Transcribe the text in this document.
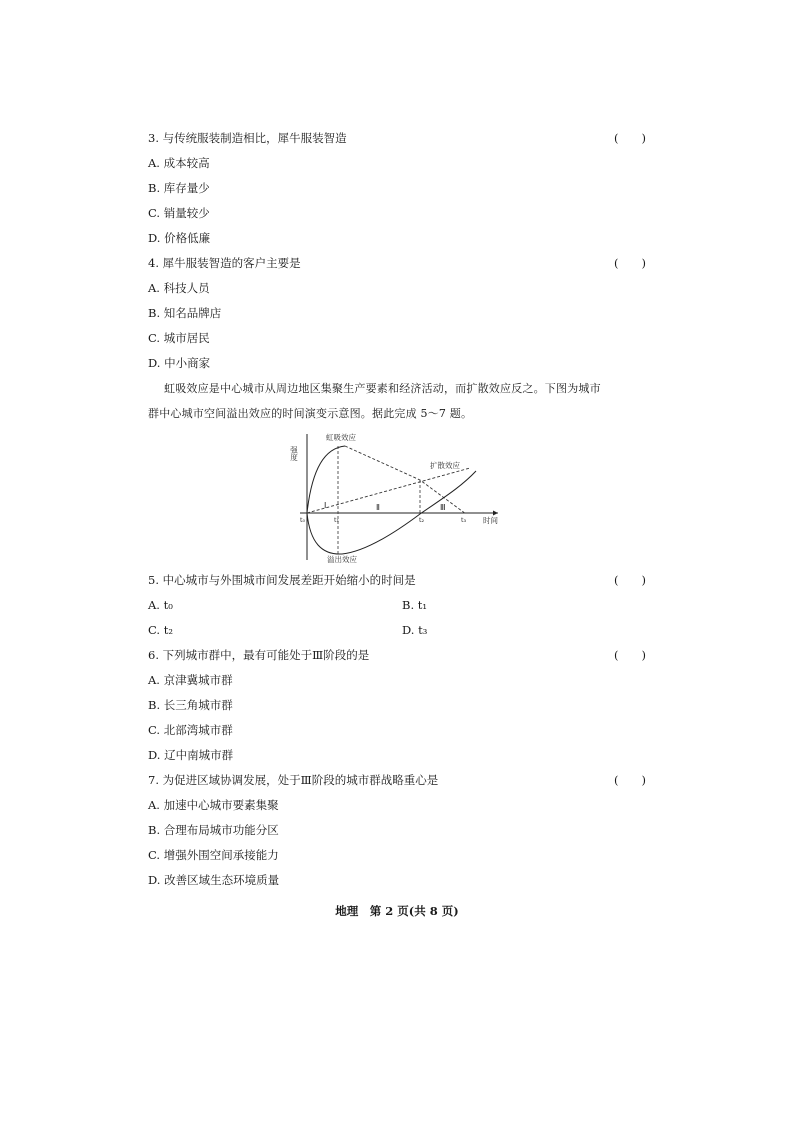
3. 与传统服装制造相比，犀牛服装智造	(　　)
A. 成本较高
B. 库存量少
C. 销量较少
D. 价格低廉
4. 犀牛服装智造的客户主要是	(　　)
A. 科技人员
B. 知名品牌店
C. 城市居民
D. 中小商家
虹吸效应是中心城市从周边地区集聚生产要素和经济活动，而扩散效应反之。下图为城市
群中心城市空间溢出效应的时间演变示意图。据此完成 5～7 题。
强度
虹吸效应
扩散效应
溢出效应
时间
Ⅰ	Ⅱ	Ⅲ
t₀	t₁	t₂	t₃
5. 中心城市与外围城市间发展差距开始缩小的时间是	(　　)
A. t₀	B. t₁
C. t₂	D. t₃
6. 下列城市群中，最有可能处于Ⅲ阶段的是	(　　)
A. 京津冀城市群
B. 长三角城市群
C. 北部湾城市群
D. 辽中南城市群
7. 为促进区域协调发展，处于Ⅲ阶段的城市群战略重心是	(　　)
A. 加速中心城市要素集聚
B. 合理布局城市功能分区
C. 增强外围空间承接能力
D. 改善区域生态环境质量
地理　第 2 页(共 8 页)
